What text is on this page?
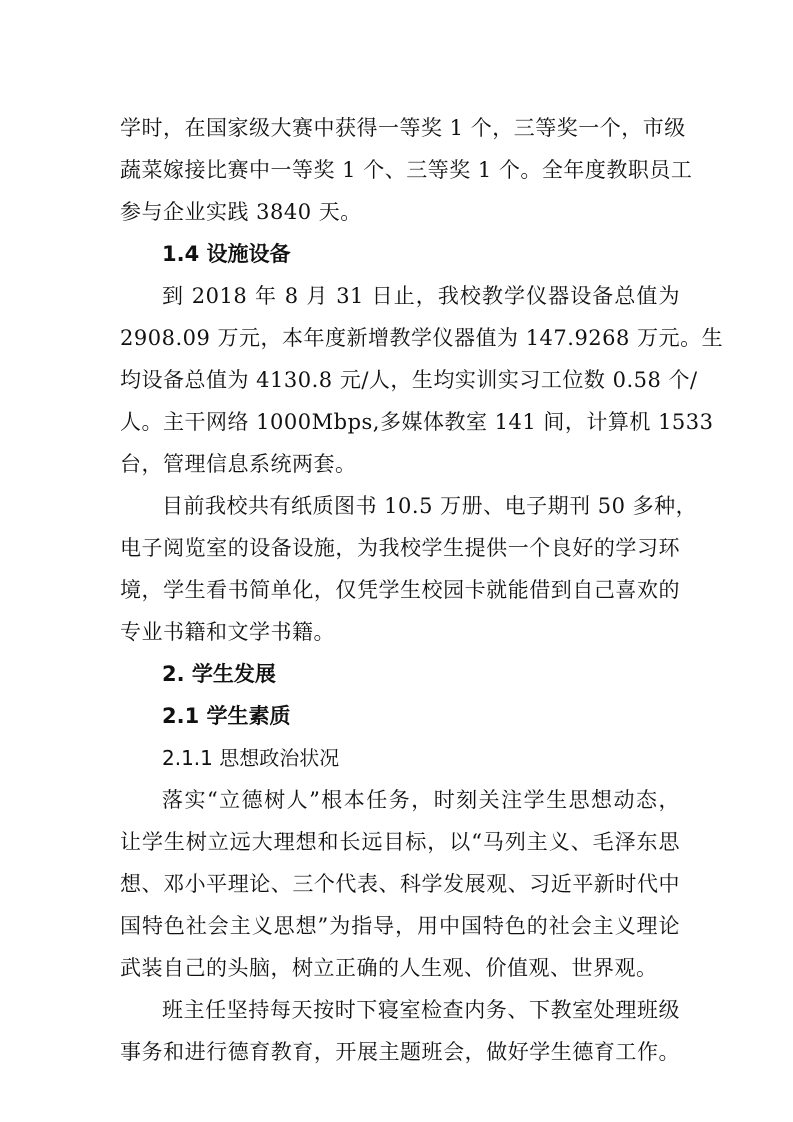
学时，在国家级大赛中获得一等奖 1 个，三等奖一个，市级
蔬菜嫁接比赛中一等奖 1 个、三等奖 1 个。全年度教职员工
参与企业实践 3840 天。
1.4 设施设备
到 2018 年 8 月 31 日止，我校教学仪器设备总值为
2908.09 万元，本年度新增教学仪器值为 147.9268 万元。生
均设备总值为 4130.8 元/人，生均实训实习工位数 0.58 个/
人。主干网络 1000Mbps,多媒体教室 141 间，计算机 1533
台，管理信息系统两套。
目前我校共有纸质图书 10.5 万册、电子期刊 50 多种，
电子阅览室的设备设施，为我校学生提供一个良好的学习环
境，学生看书简单化，仅凭学生校园卡就能借到自己喜欢的
专业书籍和文学书籍。
2. 学生发展
2.1 学生素质
2.1.1 思想政治状况
落实“立德树人”根本任务，时刻关注学生思想动态，
让学生树立远大理想和长远目标，以“马列主义、毛泽东思
想、邓小平理论、三个代表、科学发展观、习近平新时代中
国特色社会主义思想”为指导，用中国特色的社会主义理论
武装自己的头脑，树立正确的人生观、价值观、世界观。
班主任坚持每天按时下寝室检查内务、下教室处理班级
事务和进行德育教育，开展主题班会，做好学生德育工作。
